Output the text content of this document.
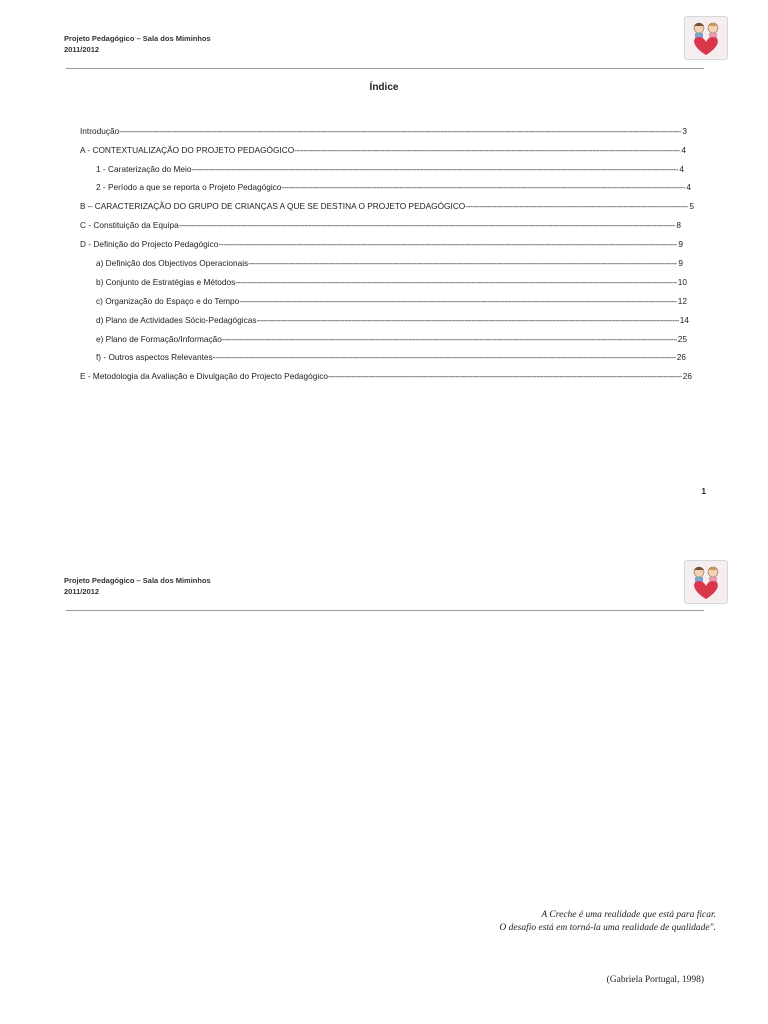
Projeto Pedagógico – Sala dos Miminhos
2011/2012
Índice
Introdução -----	3
A - CONTEXTUALIZAÇÃO DO PROJETO PEDAGÓGICO -----	4
1 - Caraterização do Meio -----	4
2 - Período a que se reporta o Projeto Pedagógico -----	4
B – CARACTERIZAÇÃO DO GRUPO DE CRIANÇAS A QUE SE DESTINA O PROJETO PEDAGÓGICO -----	5
C - Constituição da Equipa -----	8
D - Definição do Projecto Pedagógico -----	9
a) Definição dos Objectivos Operacionais -----	9
b) Conjunto de Estratégias e Métodos -----	10
c) Organização do Espaço e do Tempo -----	12
d) Plano de Actividades Sócio-Pedagógicas -----	14
e) Plano de Formação/Informação -----	25
f) - Outros aspectos Relevantes -----	26
E - Metodologia da Avaliação e Divulgação do Projecto Pedagógico -----	26
1
Projeto Pedagógico – Sala dos Miminhos
2011/2012
A Creche é uma realidade que está para ficar.
O desafio está em torná-la uma realidade de qualidade".
(Gabriela Portugal, 1998)
